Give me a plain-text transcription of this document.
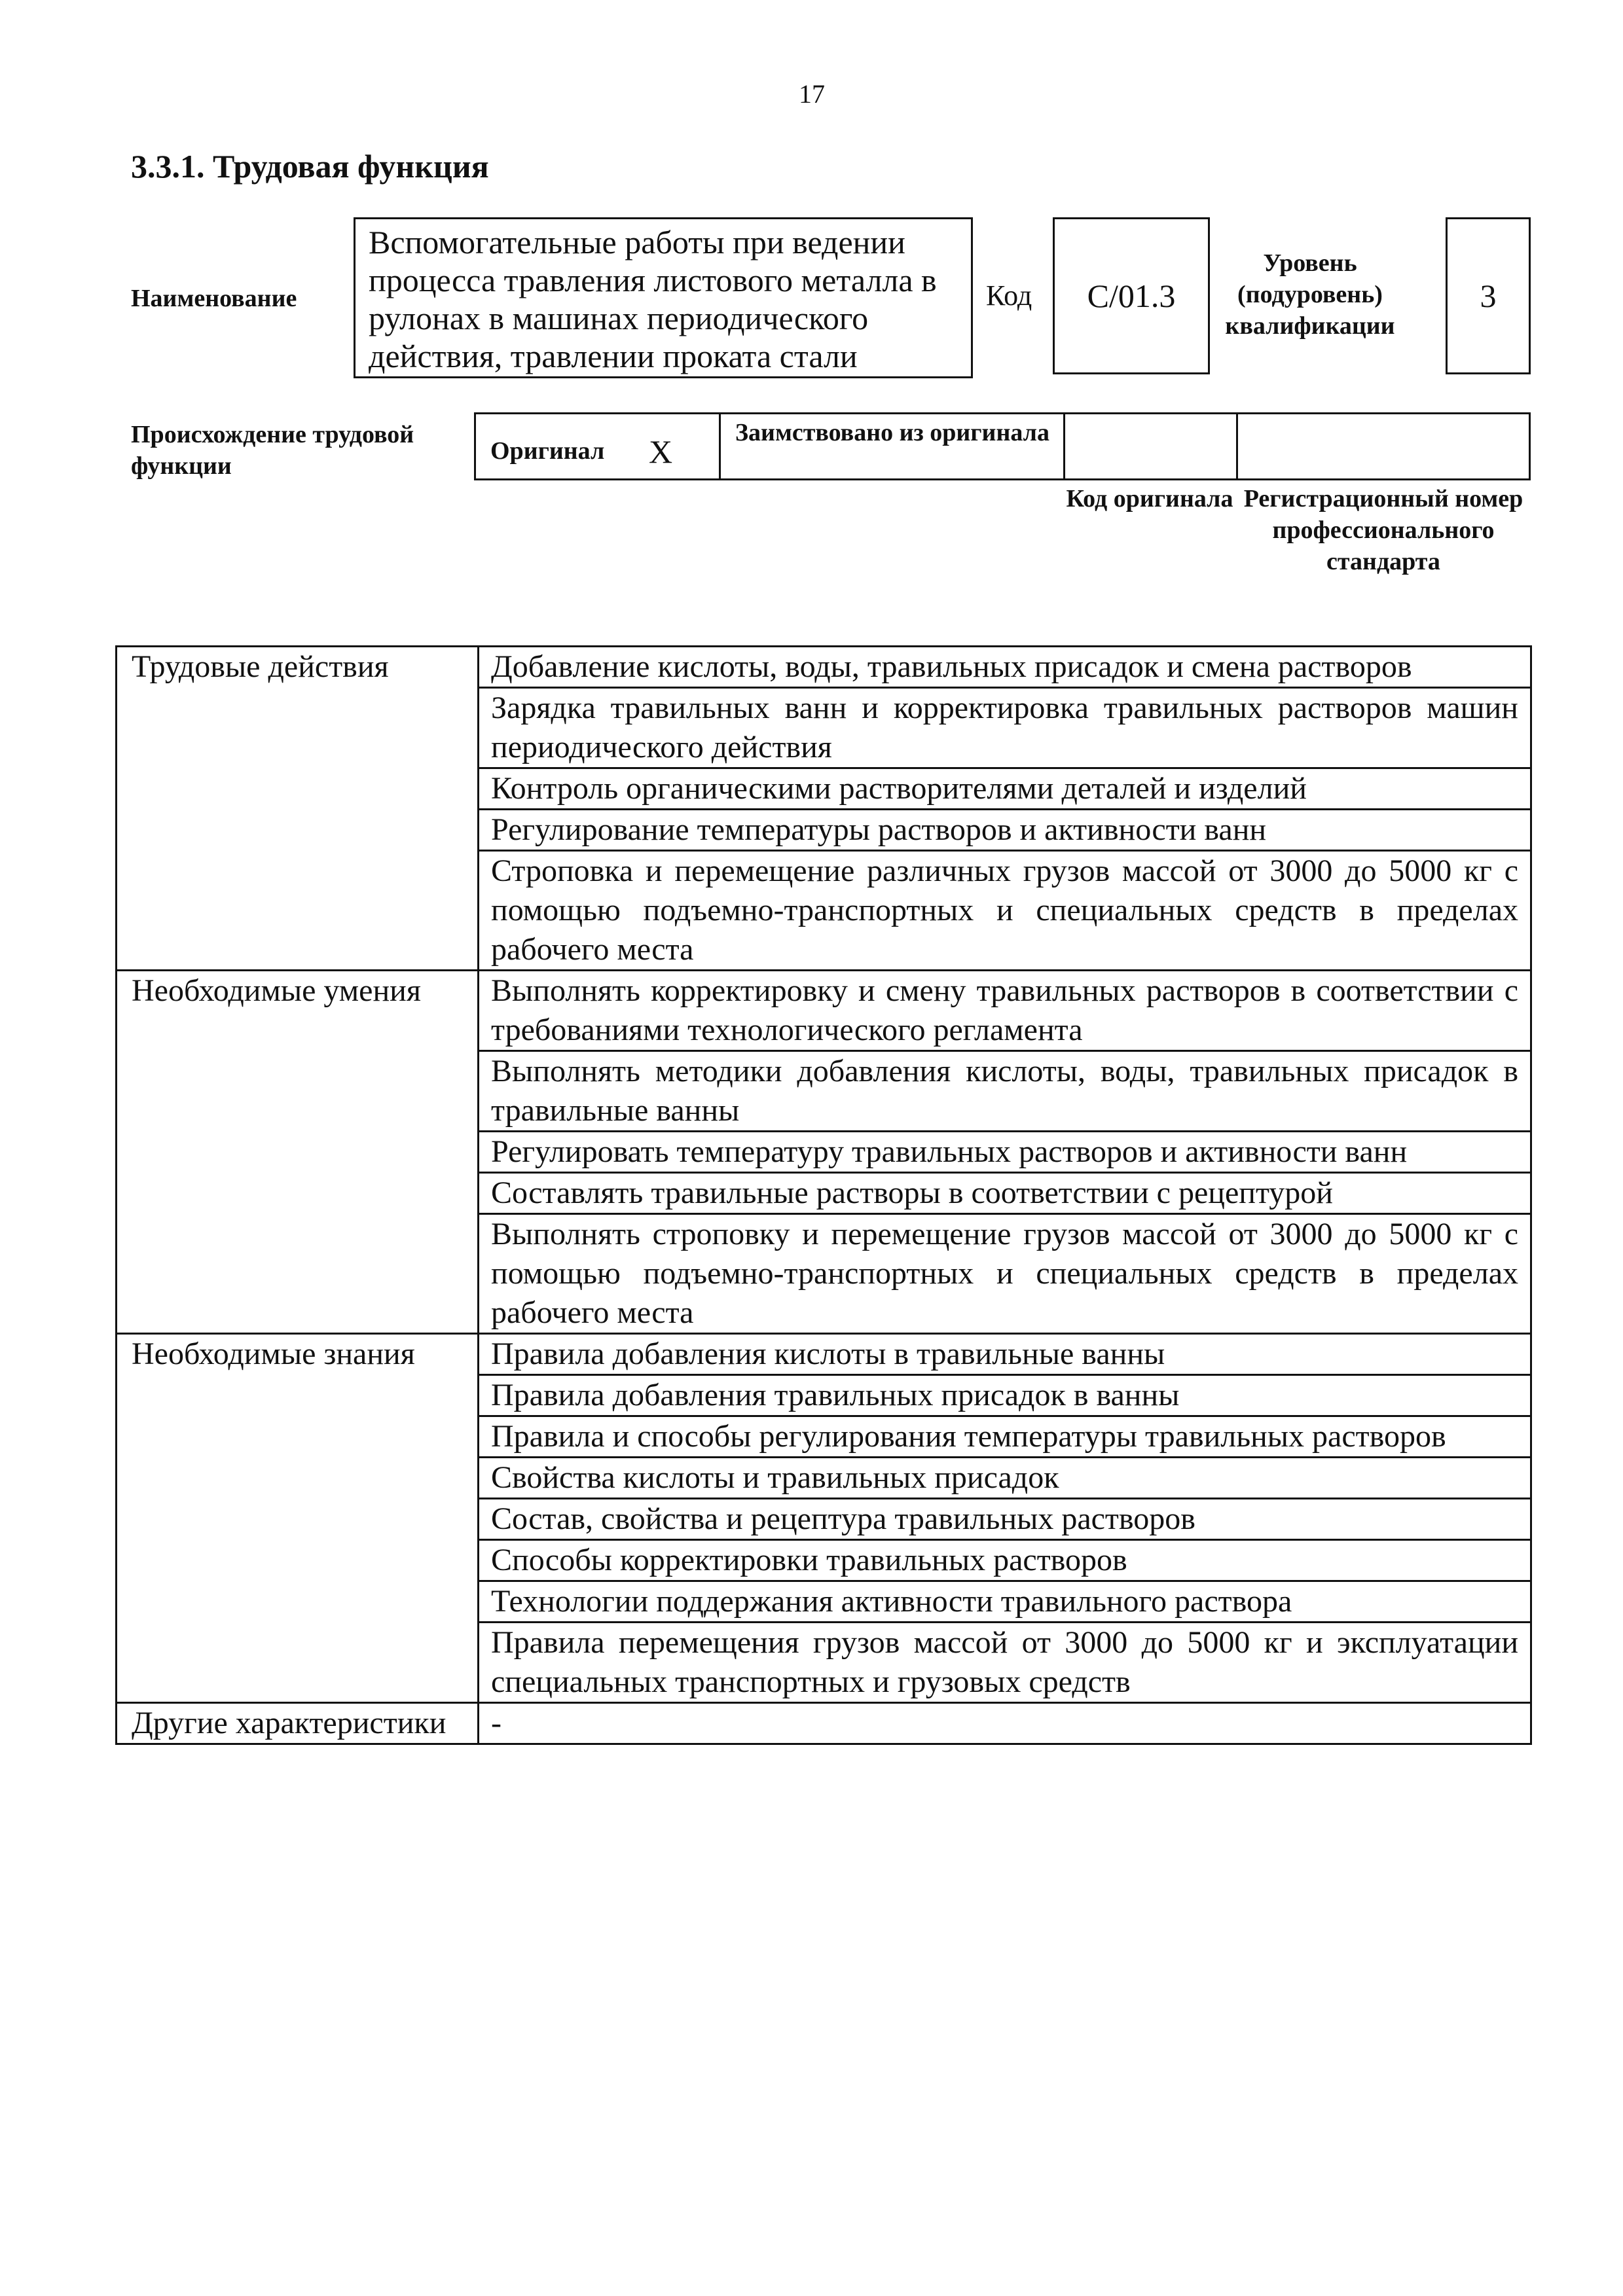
17
3.3.1. Трудовая функция
Наименование
Вспомогательные работы при ведении процесса травления листового металла в рулонах в машинах периодического действия, травлении проката стали
Код	C/01.3
Уровень (подуровень) квалификации
3
Происхождение трудовой функции
Оригинал X
Заимствовано из оригинала
Код оригинала Регистрационный номер профессионального стандарта
Трудовые действия	Добавление кислоты, воды, травильных присадок и смена растворов
	Зарядка травильных ванн и корректировка травильных растворов машин периодического действия
	Контроль органическими растворителями деталей и изделий
	Регулирование температуры растворов и активности ванн
	Строповка и перемещение различных грузов массой от 3000 до 5000 кг с помощью подъемно-транспортных и специальных средств в пределах рабочего места
Необходимые умения	Выполнять корректировку и смену травильных растворов в соответствии с требованиями технологического регламента
	Выполнять методики добавления кислоты, воды, травильных присадок в травильные ванны
	Регулировать температуру травильных растворов и активности ванн
	Составлять травильные растворы в соответствии с рецептурой
	Выполнять строповку и перемещение грузов массой от 3000 до 5000 кг с помощью подъемно-транспортных и специальных средств в пределах рабочего места
Необходимые знания	Правила добавления кислоты в травильные ванны
	Правила добавления травильных присадок в ванны
	Правила и способы регулирования температуры травильных растворов
	Свойства кислоты и травильных присадок
	Состав, свойства и рецептура травильных растворов
	Способы корректировки травильных растворов
	Технологии поддержания активности травильного раствора
	Правила перемещения грузов массой от 3000 до 5000 кг и эксплуатации специальных транспортных и грузовых средств
Другие характеристики	-
